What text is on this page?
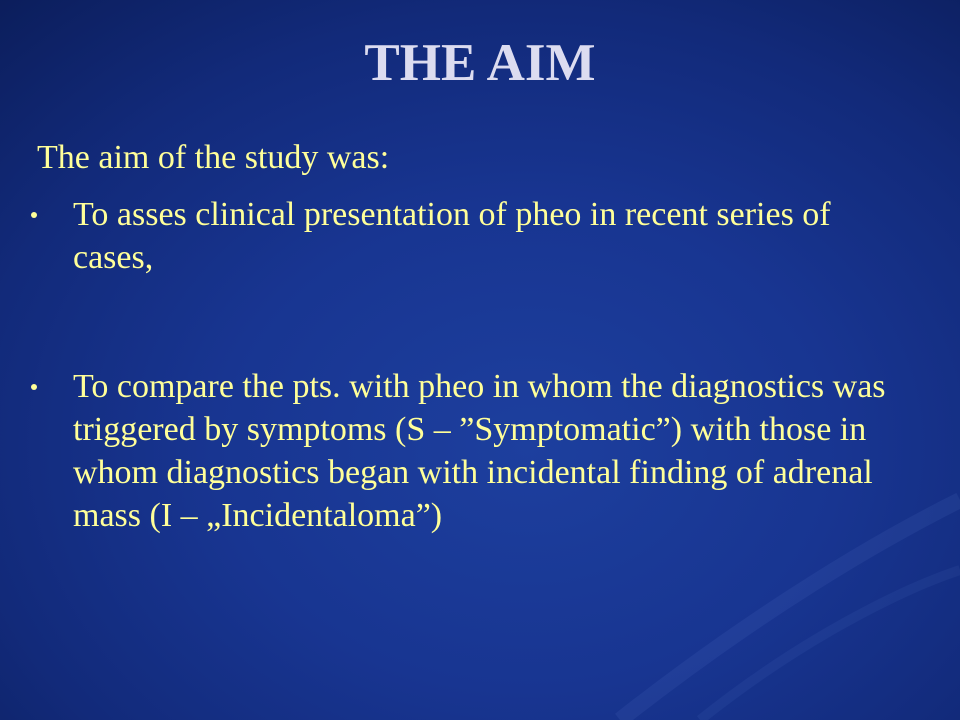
THE AIM

The aim of the study was:

To asses clinical presentation of pheo in recent series of cases,
To compare the pts. with pheo in whom the diagnostics was triggered by symptoms (S – ”Symptomatic”) with those in whom diagnostics began with incidental finding of adrenal mass (I – „Incidentaloma”)
